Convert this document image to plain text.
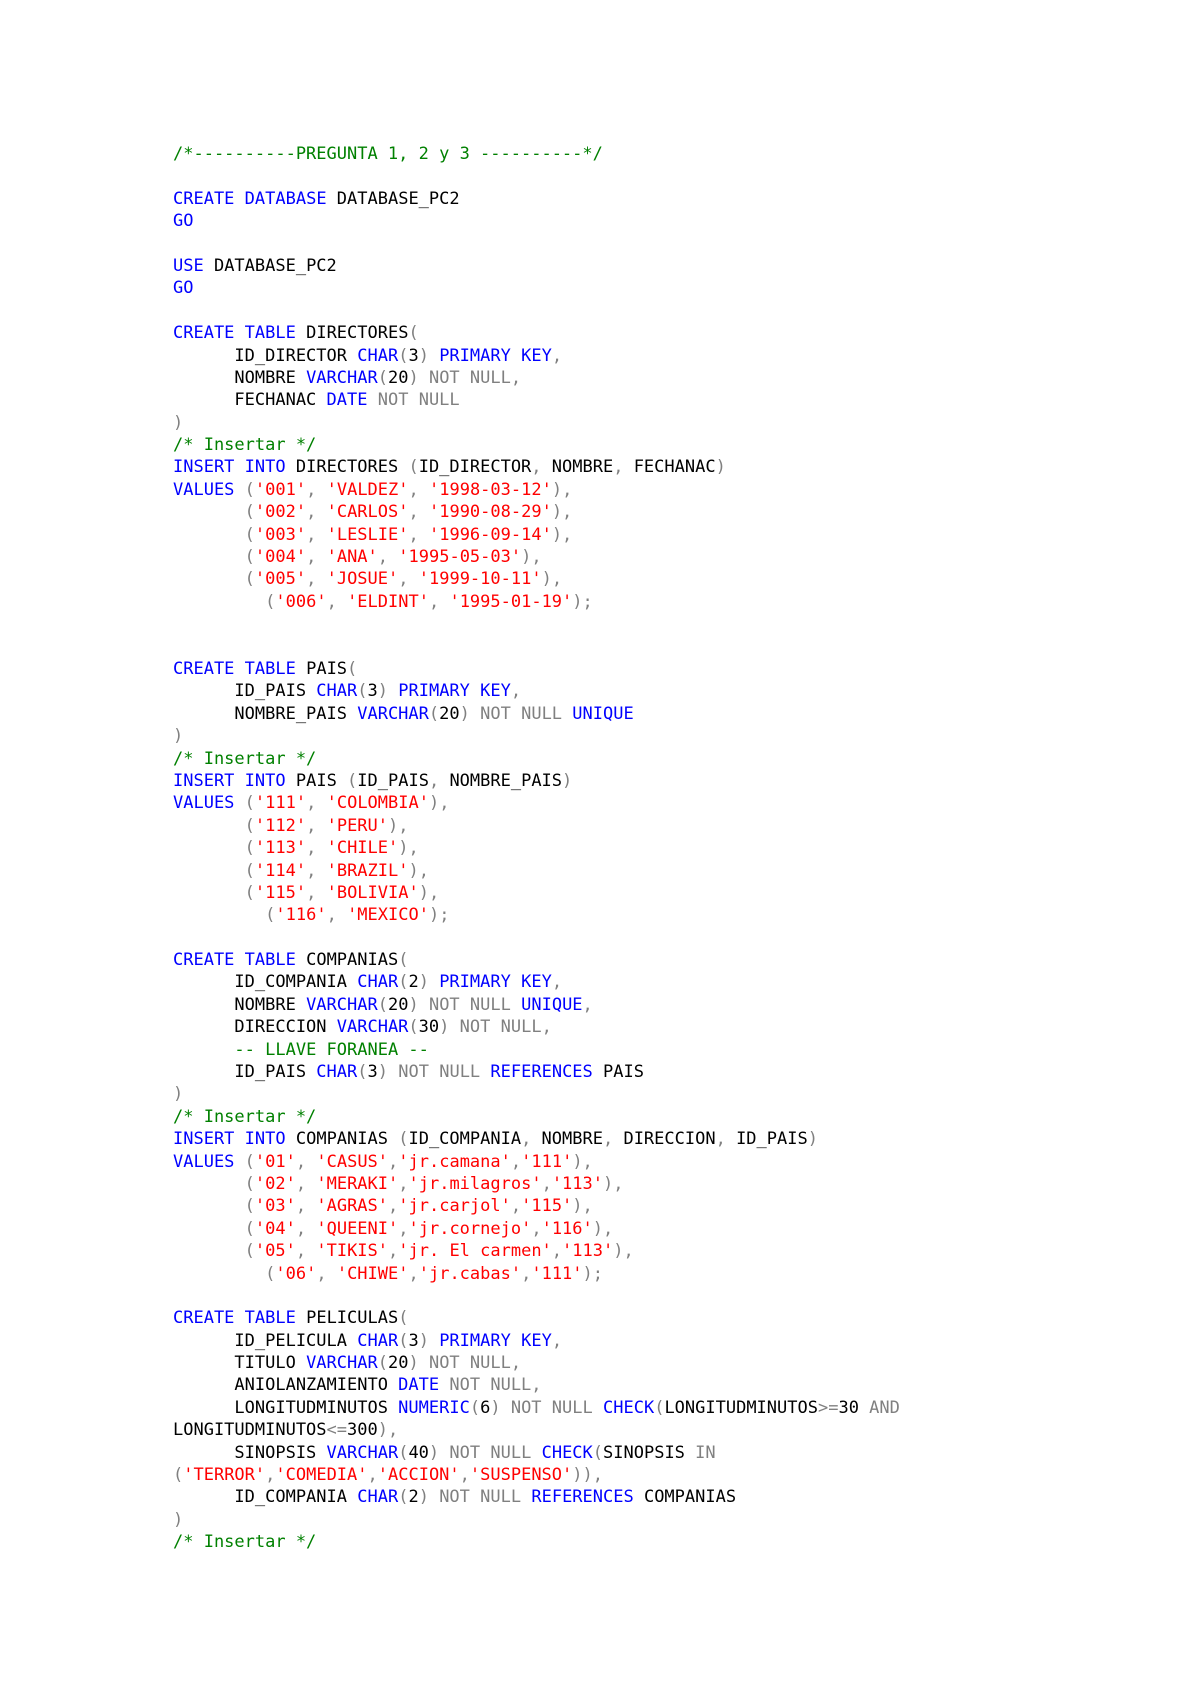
/*----------PREGUNTA 1, 2 y 3 ----------*/

CREATE DATABASE DATABASE_PC2
GO

USE DATABASE_PC2
GO

CREATE TABLE DIRECTORES(
ID_DIRECTOR CHAR(3) PRIMARY KEY,
NOMBRE VARCHAR(20) NOT NULL,
FECHANAC DATE NOT NULL
)
/* Insertar */
INSERT INTO DIRECTORES (ID_DIRECTOR, NOMBRE, FECHANAC)
VALUES ('001', 'VALDEZ', '1998-03-12'),
('002', 'CARLOS', '1990-08-29'),
('003', 'LESLIE', '1996-09-14'),
('004', 'ANA', '1995-05-03'),
('005', 'JOSUE', '1999-10-11'),
('006', 'ELDINT', '1995-01-19');

CREATE TABLE PAIS(
ID_PAIS CHAR(3) PRIMARY KEY,
NOMBRE_PAIS VARCHAR(20) NOT NULL UNIQUE
)
/* Insertar */
INSERT INTO PAIS (ID_PAIS, NOMBRE_PAIS)
VALUES ('111', 'COLOMBIA'),
('112', 'PERU'),
('113', 'CHILE'),
('114', 'BRAZIL'),
('115', 'BOLIVIA'),
('116', 'MEXICO');

CREATE TABLE COMPANIAS(
ID_COMPANIA CHAR(2) PRIMARY KEY,
NOMBRE VARCHAR(20) NOT NULL UNIQUE,
DIRECCION VARCHAR(30) NOT NULL,
-- LLAVE FORANEA --
ID_PAIS CHAR(3) NOT NULL REFERENCES PAIS
)
/* Insertar */
INSERT INTO COMPANIAS (ID_COMPANIA, NOMBRE, DIRECCION, ID_PAIS)
VALUES ('01', 'CASUS','jr.camana','111'),
('02', 'MERAKI','jr.milagros','113'),
('03', 'AGRAS','jr.carjol','115'),
('04', 'QUEENI','jr.cornejo','116'),
('05', 'TIKIS','jr. El carmen','113'),
('06', 'CHIWE','jr.cabas','111');

CREATE TABLE PELICULAS(
ID_PELICULA CHAR(3) PRIMARY KEY,
TITULO VARCHAR(20) NOT NULL,
ANIOLANZAMIENTO DATE NOT NULL,
LONGITUDMINUTOS NUMERIC(6) NOT NULL CHECK(LONGITUDMINUTOS>=30 AND
LONGITUDMINUTOS<=300),
SINOPSIS VARCHAR(40) NOT NULL CHECK(SINOPSIS IN
('TERROR','COMEDIA','ACCION','SUSPENSO')),
ID_COMPANIA CHAR(2) NOT NULL REFERENCES COMPANIAS
)
/* Insertar */
